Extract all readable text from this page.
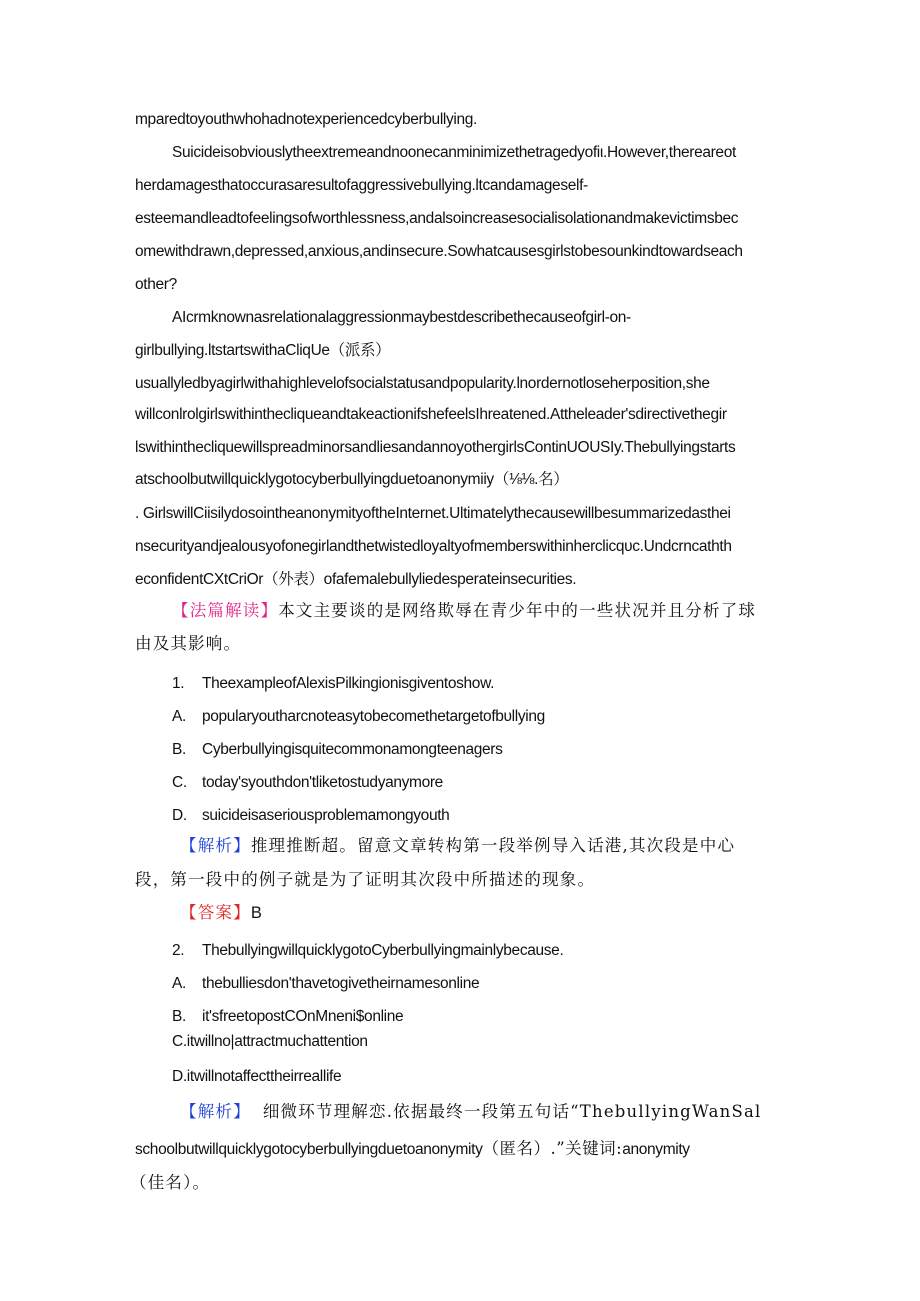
mparedtoyouthwhohadnotexperiencedcyberbullying.
Suicideisobviouslytheextremeandnoonecanminimizethetragedyofiι.However,thereareot
herdamagesthatoccurasaresultofaggressivebullying.ltcandamageself-
esteemandleadtofeelingsofworthlessness,andalsoincreasesocialisolationandmakevictimsbec
omewithdrawn,depressed,anxious,andinsecure.Sowhatcausesgirlstobesounkindtowardseach
other?
AIcrmknownasrelationalaggressionmaybestdescribethecauseofgirl-on-
girlbullying.ltstartswithaCliqUe（派系）
usuallyledbyagirlwithahighlevelofsocialstatusandpopularity.lnordernotloseherposition,she
willconlrolgirlswithinthecliqueandtakeactionifshefeelsIhreatened.Attheleader'sdirectivethegir
lswithinthecliquewillspreadminorsandliesandannoyothergirlsContinUOUSIy.Thebullyingstarts
atschoolbutwillquicklygotocyberbullyingduetoanonymiiy（⅛⅛.名）
. GirlswillCiisilydosointheanonymityoftheInternet.Ultimatelythecausewillbesummarizedasthei
nsecurityandjealousyofonegirlandthetwistedloyaltyofmemberswithinherclicqυc.Undcrncathth
econfidentCXtCriOr（外表）ofafemalebullyliedesperateinsecurities.
【法篇解读】本文主要谈的是网络欺辱在青少年中的一些状况并且分析了球
由及其影响。
1. TheexampleofAlexisPilkingionisgiventoshow.
A. popularyoutharcnoteasytobecomethetargetofbυllying
B. Cyberbullyingisquitecommonamongteenagers
C. today'syouthdon'tliketostudyanymore
D. suicideisaseriousproblemamongyouth
【解析】推理推断超。留意文章转构第一段举例导入话港,其次段是中心
段，第一段中的例子就是为了证明其次段中所描述的现象。
【答案】B
2. ThebullyingwillquicklygotoCyberbullyingmainlybecause.
A. thebulliesdon'thavetogivetheirnamesonline
B. it'sfreetopostCOnMneni$online
C.itwillno|attractmuchattention
D.itwillnotaffecttheirreallife
【解析】 细微环节理解恋.依据最终一段第五句话“ThebullyingWanSal
schoolbutwillquicklygotocyberbullyingduetoanonymity（匿名）.”关键词:anonymity
（佳名）。
